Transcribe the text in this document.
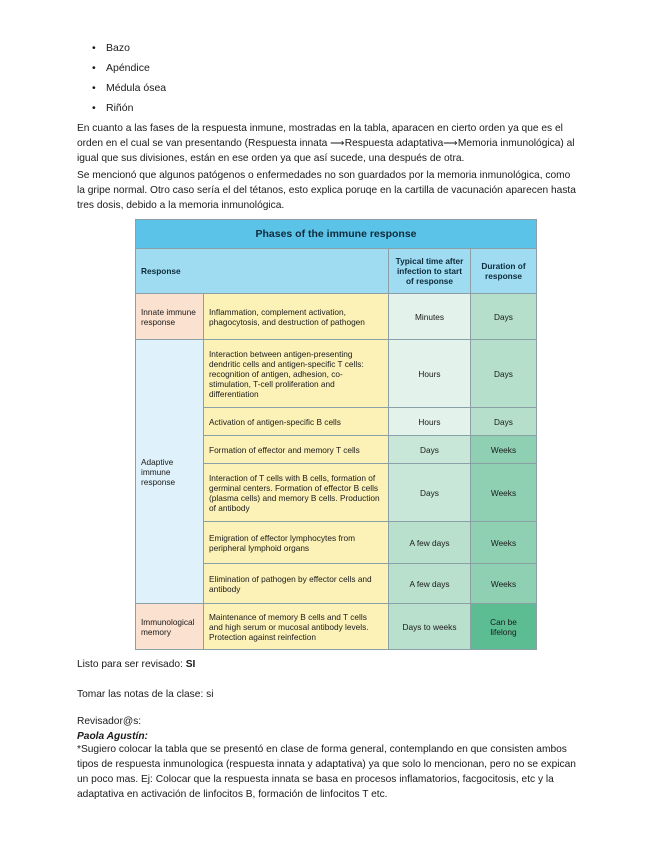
• Bazo
• Apéndice
• Médula ósea
• Riñón

En cuanto a las fases de la respuesta inmune, mostradas en la tabla, aparacen en cierto orden ya que es el orden en el cual se van presentando (Respuesta innata ⟶Respuesta adaptativa⟶Memoria inmunológica) al igual que sus divisiones, están en ese orden ya que así sucede, una después de otra.

Se mencionó que algunos patógenos o enfermedades no son guardados por la memoria inmunológica, como la gripe normal. Otro caso sería el del tétanos, esto explica poruqe en la cartilla de vacunación aparecen hasta tres dosis, debido a la memoria inmunológica.

Phases of the immune response			
Response		Typical time after infection to start of response	Duration of response
Innate immune response	Inflammation, complement activation, phagocytosis, and destruction of pathogen	Minutes	Days
Adaptive immune response	Interaction between antigen-presenting dendritic cells and antigen-specific T cells: recognition of antigen, adhesion, co-stimulation, T-cell proliferation and differentiation	Hours	Days
	Activation of antigen-specific B cells	Hours	Days
	Formation of effector and memory T cells	Days	Weeks
	Interaction of T cells with B cells, formation of germinal centers. Formation of effector B cells (plasma cells) and memory B cells. Production of antibody	Days	Weeks
	Emigration of effector lymphocytes from peripheral lymphoid organs	A few days	Weeks
	Elimination of pathogen by effector cells and antibody	A few days	Weeks
Immunological memory	Maintenance of memory B cells and T cells and high serum or mucosal antibody levels. Protection against reinfection	Days to weeks	Can be lifelong

Listo para ser revisado: SI

Tomar las notas de la clase: si

Revisador@s:

Paola Agustín:

*Sugiero colocar la tabla que se presentó en clase de forma general, contemplando en que consisten ambos tipos de respuesta inmunologica (respuesta innata y adaptativa) ya que solo lo mencionan, pero no se expican un poco mas. Ej: Colocar que la respuesta innata se basa en procesos inflamatorios, facgocitosis, etc y la adaptativa en activación de linfocitos B, formación de linfocitos T etc.
